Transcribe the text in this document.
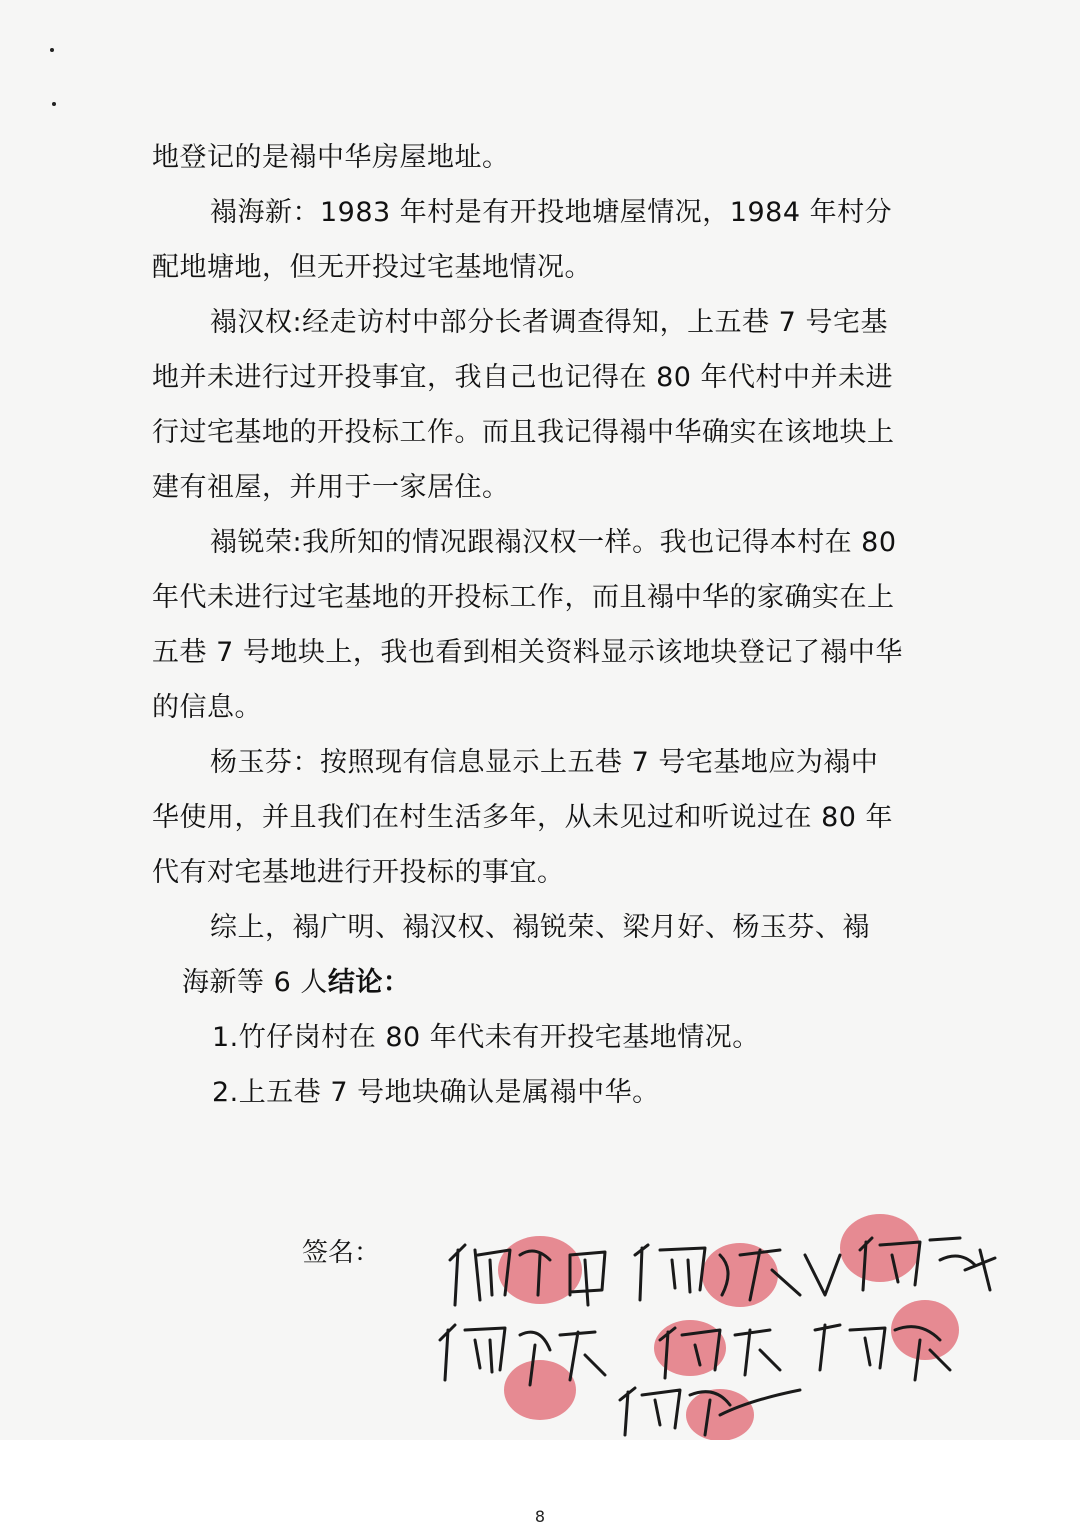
地登记的是褟中华房屋地址。

褟海新：1983 年村是有开投地塘屋情况，1984 年村分配地塘地，但无开投过宅基地情况。

褟汉权:经走访村中部分长者调查得知，上五巷 7 号宅基地并未进行过开投事宜，我自己也记得在 80 年代村中并未进行过宅基地的开投标工作。而且我记得褟中华确实在该地块上建有祖屋，并用于一家居住。

褟锐荣:我所知的情况跟褟汉权一样。我也记得本村在 80 年代未进行过宅基地的开投标工作，而且褟中华的家确实在上五巷 7 号地块上，我也看到相关资料显示该地块登记了褟中华的信息。

杨玉芬：按照现有信息显示上五巷 7 号宅基地应为褟中华使用，并且我们在村生活多年，从未见过和听说过在 80 年代有对宅基地进行开投标的事宜。

综上，褟广明、褟汉权、褟锐荣、梁月好、杨玉芬、褟

海新等 6 人结论：

1.竹仔岗村在 80 年代未有开投宅基地情况。

2.上五巷 7 号地块确认是属褟中华。

签名：
8
